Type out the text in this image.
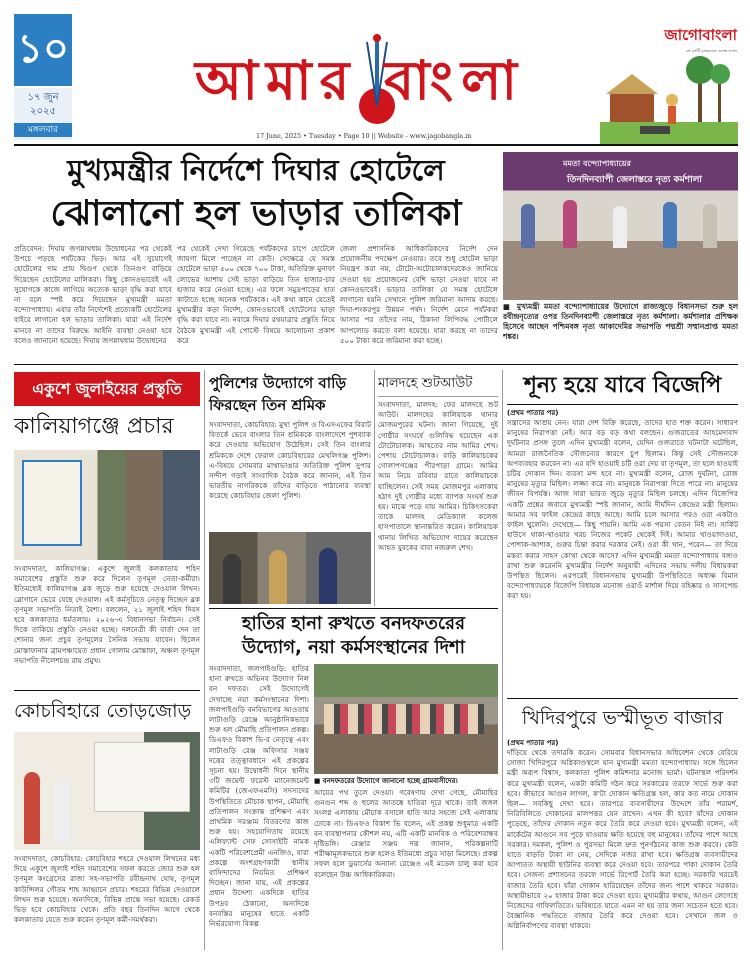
১০
১৭ জুন
২০২৫
মঙ্গলবার
আমার বাংলা
17 June, 2025 • Tuesday • Page 10 || Website - www.jagobangla.in
জাগোবাংলা
মুখ্যমন্ত্রীর নির্দেশে দিঘার হোটেলে
ঝোলানো হল ভাড়ার তালিকা
প্রতিবেদন: দিঘায় জগন্নাথধাম উদ্বোধনের পর থেকেই উপচে পড়ছে পর্যটকের ভিড়। আর এই সুযোগেই হোটেলের দাম প্রায় দ্বিগুণ থেকে তিনগুণ বাড়িয়ে দিয়েছেন হোটেলের মালিকরা। কিছু কোনওভাবেই এই সুযোগকে কাজে লাগিয়ে অত্যেক ভাড়া বৃদ্ধি করা যাবে না বলে স্পষ্ট করে দিয়েছেন মুখ্যমন্ত্রী মমতা বন্দ্যোপাধ্যায়। এবার তাঁর নির্দেশেই প্রত্যেকটি হোটেলের বাইরে লাগানো হল ভাড়ার তালিকা। যারা এই নির্দেশ মানবে না তাদের বিরুদ্ধে আইনি ব্যবস্থা নেওয়া হবে বলেও জানানো হয়েছে। দিঘায় জগন্নাথধাম উদ্বোধনের
পর থেকেই দেখা গিয়েছে পর্যটকদের চাপে হোটেলে জায়গা মিলে পাচ্ছেন না কেউ। সেক্ষেত্রে যে সমস্ত হোটেলে ভাড়া ৫০০ থেকে ৭০০ টাকা, অতিরিক্ত মুনাফা লোভের আশায় সেই ভাড়া বাড়িয়ে তিন হাজার-চার হাজার করে নেওয়া হচ্ছে। এর ফলে সমুদ্রপাড়ের হাত কাটাতে হচ্ছে অনেক পর্যটককে। এই কথা কানে যেতেই মুখ্যমন্ত্রীর কড়া নির্দেশ, কোনওভাবেই হোটেলের ভাড়া বৃদ্ধি করা যাবে না। নবান্নে দিঘার রথযাত্রার প্রস্তুতি নিয়ে বৈঠকে মুখ্যমন্ত্রী এই পোস্টে বিষয়ে আলোচনা প্রকাশ করে
জেলা প্রশাসনিক আধিকারিকদের নির্দেশ দেন প্রয়োজনীয় পদক্ষেপ নেওয়ার। তবে শুধু হোটেল ভাড়া নিয়ন্ত্রণ করা নয়, টোটো-অটোচালকদেরকেও জানিয়ে দেওয়া হয় প্রয়োজনের বেশি ভাড়া নেওয়া যাবে না কোনওভাবেই। ভাড়ার তালিকা যে সমস্ত হোটেলে লাগানো হয়নি সেখানে পুলিশ জরিমানা আদায় করছে। দিঘা-শংকরপুর উন্নয়ন পর্ষদ। নির্দেশ মেনে পর্যটকরা আসার পর তাঁদের নাম, ঠিকানা লিপিবদ্ধ পোর্টালে আপলোড করতে বলা হয়েছে। যারা করছে না তাদের ৫০০ টাকা করে জরিমানা করা হচ্ছে।
মমতা বন্দ্যোপাধ্যায়ের
তিনদিনব্যাপী জেলাস্তরে নৃত্য কর্মশালা
■ মুখ্যমন্ত্রী মমতা বন্দ্যোপাধ্যায়ের উদ্যোগে রাজ্যজুড়ে বিধানসভা শুরু হল রবীন্দ্রনৃত্যের ওপর তিনদিনব্যাপী জেলাস্তরে নৃত্য কর্মশালা। কর্মশালার প্রশিক্ষক হিসেবে আছেন পশ্চিমবঙ্গ নৃত্য আকাদেমির সভাপতি পদ্মশ্রী সম্মানপ্রাপ্ত মমতা শঙ্কর।
একুশে জুলাইয়ের প্রস্তুতি
কালিয়াগঞ্জে প্রচার
সংবাদদাতা, কালিয়াগঞ্জ: একুশে জুলাই কলকাতায় শহিদ সমাবেশের প্রস্তুতি শুরু করে দিলেন তৃণমূল নেতা-কর্মীরা। ইতিমধ্যেই কালিয়াগঞ্জ ব্লক জুড়ে শুরু হয়েছে দেওয়াল লিখন। স্লোগানে ভেরে যেছে দেওয়াল। এই কর্মসূচিতে নেতৃত্ব দিচ্ছেন ব্লক তৃণমূল সভাপতি নিতাই বৈশ্য। বললেন, ২১ জুলাই শহিদ দিবস হবে কলকাতার ধর্মতলায়। ২০২৬-এ বিধানসভা নির্বাচন। সেই দিকে তাকিয়ে প্রস্তুতি নেওয়া হচ্ছে। দলনেত্রী কী বার্তা দেন তা শোনার জন্য প্রচুর তৃণমূলের সৈনিক সভায় যাবেন। ছিলেন মোস্তাফানার ব্রামপঞ্চায়েত প্রধান গোলাম মোস্তাফা, অঞ্চল তৃণমূল সভাপতি নীলেশচন্দ্র রায় প্রমুখ।
কোচবিহারে তোড়জোড়
সংবাদদাতা, কোচবিহার: কোচবিহার শহরে দেওয়াল লিখনের মধ্য দিয়ে একুশে জুলাই শহিদ সমাবেশের সফল করতে জোর শুরু হল তৃণমূল কংগ্রেসের রাজ্য সহ-সভাপতি রবীন্দ্রনাথ ঘোষ, তৃণমূল কাউন্সিলর গৌতম শাহ আহ্বানে প্রচার। শহরের বিভিন্ন দেওয়ালে লিখন শুরু হয়েছে। অন্যদিকে, বিভিন্ন প্রান্তে সভা হয়েছে। রেকর্ড ভিড় হবে কোচবিহার থেকে। প্রতি বছর তিনদিন আগে থেকে কলকাতায় যেতে শুরু করেন তৃণমূল কর্মী-সমর্থকরা।
পুলিশের উদ্যোগে বাড়ি
ফিরছেন তিন শ্রমিক
সংবাদদাতা, কোচবিহার: মুখ্য পুলিশ ও বিএসএফের বিরাট বিতর্কে ভেবে বাংলার তিন শ্রমিককে বাংলাদেশে পুশব্যাক করে দেওয়ার অভিযোগ উঠেছিল। সেই তিন বাংলার শ্রমিককে দেশে ফেরাল কোচবিহারের মেখলিগঞ্জ পুলিশ। এ-বিষয়ে সোমবার মাথাভাঙার অতিরিক্ত পুলিশ সুপার সন্দীপ গড়াই সাংবাদিক বৈঠক করে জানান, এই তিন ভারতীয় নাগরিককে তাঁদের বাড়িতে পাঠানোর ব্যবস্থা করেছে কোচবিহার জেলা পুলিশ।
মালদহে শুটআউট
সংবাদদাতা, মালদহ: ফের মালদহে শুট আউট। মালদহের কালিয়াচক থানার মোজমপুরের ঘটনা। জানা গিয়েছে, দুই গোষ্ঠীর সংঘর্ষে গুলিবিদ্ধ হয়েছেন এক টোটোচালক। আহতের নাম আমির শেখ। পেশায় টোটোচালক। বাড়ি কালিয়াচকের গোলাপগঞ্জের পীরপাড়া গ্রামে। আমির আম নিয়ে রবিবার রাতে কালিয়াচকে যাচ্ছিলেন। সেই সময় মোজমপুর এলাকায় হঠাৎ দুই গোষ্ঠীর মধ্যে ব্যাপক সংঘর্ষ শুরু হয়। মাঝে পড়ে যায় আমির। চিকিৎসকেরা তাকে মালদহ মেডিক্যাল কলেজ হাসপাতালে স্থানান্তরিত করেন। কালিয়াচক থানায় লিখিত অভিযোগ দায়ের করেছেন আহত যুবকের বাবা নজরুল শেখ।
হাতির হানা রুখতে বনদফতরের
উদ্যোগ, নয়া কর্মসংস্থানের দিশা
সংবাদদাতা, জলপাইগুড়ি: হাতির হানা রুখতে অভিনব উদ্যোগ নিল বন দফতর। সেই উদ্যোগেই দেখাচ্ছে নয়া কর্মসংস্থানের দিশা। জলপাইগুড়ি বনবিভাগের আওতায় লাটাগুড়ি রেঞ্জে আনুষ্ঠানিকভাবে শুরু হল মৌমাছি প্রতিপালন প্রকল্প। ডিএফও বিকাশ ভি-র নেতৃত্বে এবং লাটাগুড়ি রেঞ্জ অফিসার সঞ্জয় দত্তের তত্ত্বাবধানে এই প্রকল্পের সূচনা হয়। উদ্বোধনী দিনে স্থানীয় ৩টি জয়েন্ট ফরেস্ট ম্যানেজমেন্ট কমিটির (জেএফএমসি) সদস্যদের উপস্থিতিতে মৌচাক স্থাপন, মৌমাছি প্রতিপালন সংক্রান্ত প্রশিক্ষণ এবং প্রাথমিক সরঞ্জাম বিতরণের কাজ শুরু হয়। সহযোগিতায় রয়েছে এলিফ্যান্ট সেফ সোসাইটি নামক একটি পরিবেশপ্রেমী এনজিও, যারা প্রকল্পে অংশগ্রহণকারী স্থানীয় বাসিন্দাদের নিয়মিত প্রশিক্ষণ দিচ্ছেন। জানা যায়, এই প্রকল্পের প্রধান উদ্দেশ্য একদিকে হাতির উপদ্রব ঠেকানো, অন্যদিকে বনবস্তির মানুষের হাতে একটি নির্ভরযোগ্য বিকল্প
■ বনদফতরের উদ্যোগে জানানো হচ্ছে গ্রামবাসীদের।
আয়ের পথ তুলে দেওয়া। গবেষণায় দেখা গেছে, মৌমাছির গুনগুন শব্দ ও হুলের আতঙ্কে হাতিরা দূরে থাকে। তাই জঙ্গল সংলগ্ন এলাকায় মৌচাক বসালে হাতি আর সহজে সেই এলাকায় ঢোকে না। ডিএফও বিকাশ ভি বলেন, এই প্রকল্প শুধুমাত্র একটি বন ব্যবস্থাপনার কৌশল নয়, এটি একটি মানবিক ও পরিবেশবান্ধব দৃষ্টিভঙ্গি। রেঞ্জার সঞ্জয় দত্ত জানান, পরিকল্পনাটি পরীক্ষামূলকভাবে শুরু হলেও ইতিমধ্যে প্রচুর সাড়া মিলেছে। প্রকল্প সফল হলে ডুয়ার্সের অন্যান্য রেঞ্জেও এই মডেল চালু করা হবে বলেছেন উচ্চ আধিকারিকরা।
শূন্য হয়ে যাবে বিজেপি
(প্রথম পাতার পর)
সন্ত্রাসের আশ্রয় নেন। যারা দেশ বিক্রি করেছে, তাদের হাত শক্ত করেন। সাধারণ মানুষের নিরাপত্তা নেই। আর বড় বড় কথা বলছেন। গুজরাতের আহমেদাবাদ দুর্ঘটনার প্রসঙ্গ তুলে এদিন মুখ্যমন্ত্রী বলেন, যেদিন গুজরাতে ঘটনাটা ঘটেছিল, আমরা রাজনৈতিক সৌজন্যের কারণে চুপ ছিলাম। কিন্তু সেই সৌজন্যকে অপব্যবহার করবেন না। এর যদি হাওয়াই চটি ওরা দেয় বা তৃণমূল, তা হলে হাওয়াই চটির দোকান দিন। ব্যবসা মন্দ হবে না। মুখ্যমন্ত্রী বলেন, রোজ দুর্ঘটনা, রোজ মানুষের মৃত্যুর মিছিল। লজ্জা করে না। মানুষকে নিরাপত্তা দিতে পারে না। মানুষের জীবন বিপর্যস্ত। আজ সারা ভারত জুড়ে মৃত্যুর মিছিল চলছে। এদিন বিজেপির একটি প্রশ্নের জবাবে মুখ্যমন্ত্রী স্পষ্ট জানান, আমি দীর্ঘদিন কেন্দ্রের মন্ত্রী ছিলাম। আমার সব ফাইল কেন্দ্রের কাছে আছে। আমি চলে আসার পরও ওরা একটাও ফাইল খুলেনি। দেখেছে— কিছু পায়নি। আমি এক পয়সা বেতন নিই না। সার্কিট হাউসে থাকা-খাওয়ার খরচ নিজের পকেট থেকেই দিই। আমার খাওয়াদাওয়া, পোশাক-আশাক, গুরুর চিন্তা করার দরকার নেই। ওরা কী খান, পরেন— তা দিয়ে মন্তব্য করার সাহস কোথা থেকে আসে? এদিন মুখ্যমন্ত্রী মমতা বন্দ্যোপাধ্যায় বঙ্গ্যও রাখা শুরু করেননি মুখ্যমন্ত্রীর নির্দেশ অনুযায়ী এদিনের সভায় দলীয় বিধায়করা উপস্থিত ছিলেন। এরপরেই বিধানসভায় মুখ্যমন্ত্রী উপস্থিতিতে অধ্যক্ষ বিমান বন্দ্যোপাধ্যায়কে বিজেপি বিধায়ক মনোজ ওরাওঁ মার্শাল দিয়ে বহিষ্কার ও সাসপেন্ড করা হয়।
খিদিরপুরে ভস্মীভূত বাজার
(প্রথম পাতার পর)
দাঁড়িয়ে থেকে তদারকি করেন। সোমবার বিধানসভার অধিবেশন থেকে বেরিয়ে সোজা খিদিরপুরে অগ্নিকাণ্ডস্থলে যান মুখ্যমন্ত্রী মমতা বন্দ্যোপাধ্যায়। সঙ্গে ছিলেন মন্ত্রী অরূপ বিশ্বাস, কলকাতা পুলিশ কমিশনার মনোজ ভার্মা। ঘটনাস্থল পরিদর্শন করে মুখ্যমন্ত্রী বলেন, একটা কমিটি গঠন করে সরকারের তরফে সার্ভে শুরু করা হবে। কীভাবে আগুন লাগল, ক'টা দোকান ক্ষতিগ্রস্ত হল, কার কত নামে দোকান ছিল— সবকিছু দেখা হবে। তারপরে ব্যবসায়ীদের উদ্দেশে তাঁর পরামর্শ, নিরিবিলিতে দোকানের মালপত্তর যেন রাখেন। এখন কী হবে? যাঁদের দোকান পুড়েছে, তাঁদের দোকান নতুন করে তৈরি করে দেওয়া হবে। মুখ্যমন্ত্রী বলেন, এই মার্কেটের আগুনে সব পুড়ে যাওয়ায় ক্ষতি হয়েছে বহু মানুষের। তাঁদের পাশে আছে সরকার। দমকল, পুলিশ ও পুরসভা মিলে দ্রুত পুনর্গঠনের কাজ শুরু করবে। কেউ যাতে বাড়তি টাকা না নেয়, সেদিকে নজর রাখা হবে। ক্ষতিগ্রস্ত ব্যবসায়ীদের আপাতত অস্থায়ী ছাউনির ব্যবস্থা করে দেওয়া হবে। তারপরে পাকা দোকান তৈরি হবে। সেজন্য প্রশাসনের তরফে সার্ভে রিপোর্ট তৈরি করা হচ্ছে। সরকারি খরচেই বাজার তৈরি হবে। যাঁরা দোকান হারিয়েছেন তাঁদের জন্য পাশে থাকবে সরকার। অস্থায়ীভাবে ২০ হাজার টাকা করে দেওয়া হবে। মুখ্যমন্ত্রীর কথায়, আগুন লেগেছে নিজেদের গাফিলতিতে। ভবিষ্যতে যাতে এমন না হয় তার জন্য সচেতন হতে হবে। বৈজ্ঞানিক পদ্ধতিতে বাজার তৈরি করে দেওয়া হবে। সেখানে জল ও অগ্নিনির্বাপণের ব্যবস্থা থাকবে।
